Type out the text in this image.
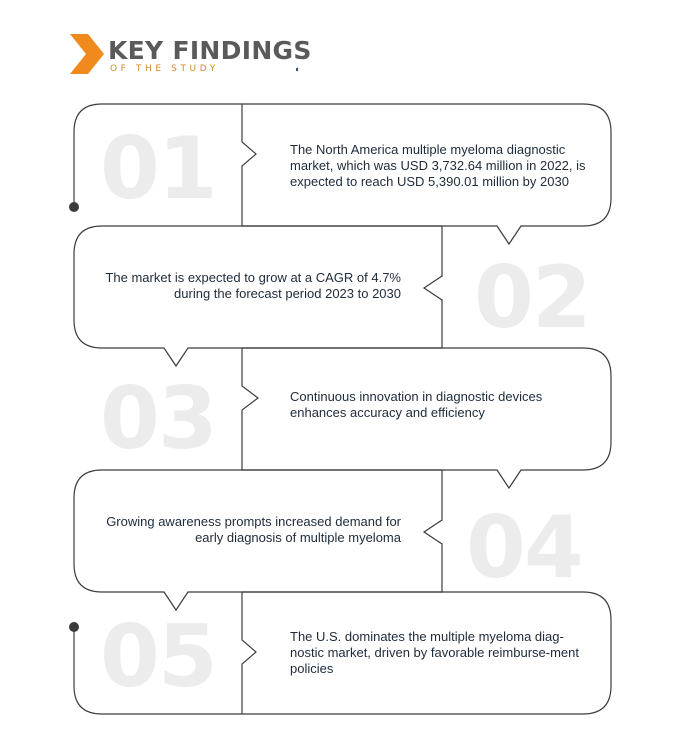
KEY FINDINGS
OF THE STUDY	◖
01
02
03
04
05
The North America multiple myeloma diagnostic market, which was USD 3,732.64 million in 2022, is expected to reach USD 5,390.01 million by 2030
The market is expected to grow at a CAGR of 4.7% during the forecast period 2023 to 2030
Continuous innovation in diagnostic devices enhances accuracy and efficiency
Growing awareness prompts increased demand for early diagnosis of multiple myeloma
The U.S. dominates the multiple myeloma diag-nostic market, driven by favorable reimburse-ment policies
